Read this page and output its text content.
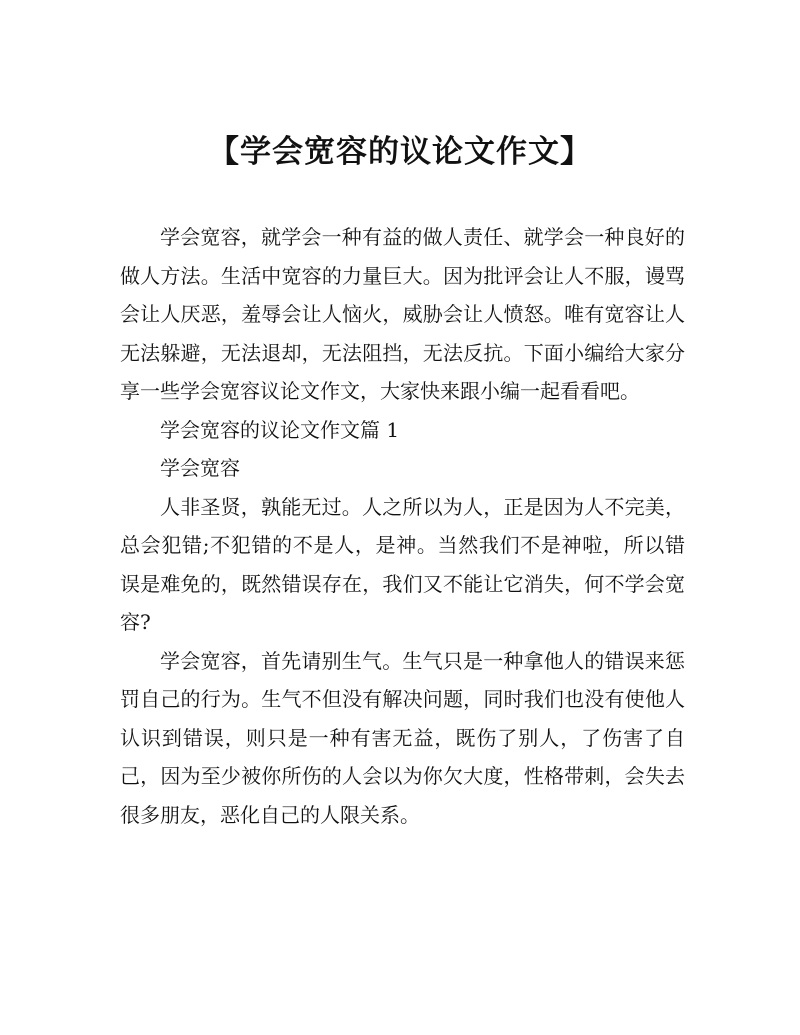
【学会宽容的议论文作文】

学会宽容，就学会一种有益的做人责任、就学会一种良好的做人方法。生活中宽容的力量巨大。因为批评会让人不服，谩骂会让人厌恶，羞辱会让人恼火，威胁会让人愤怒。唯有宽容让人无法躲避，无法退却，无法阻挡，无法反抗。下面小编给大家分享一些学会宽容议论文作文，大家快来跟小编一起看看吧。

学会宽容的议论文作文篇 1

学会宽容

人非圣贤，孰能无过。人之所以为人，正是因为人不完美，总会犯错;不犯错的不是人，是神。当然我们不是神啦，所以错误是难免的，既然错误存在，我们又不能让它消失，何不学会宽容?

学会宽容，首先请别生气。生气只是一种拿他人的错误来惩罚自己的行为。生气不但没有解决问题，同时我们也没有使他人认识到错误，则只是一种有害无益，既伤了别人，了伤害了自己，因为至少被你所伤的人会以为你欠大度，性格带刺，会失去很多朋友，恶化自己的人限关系。
